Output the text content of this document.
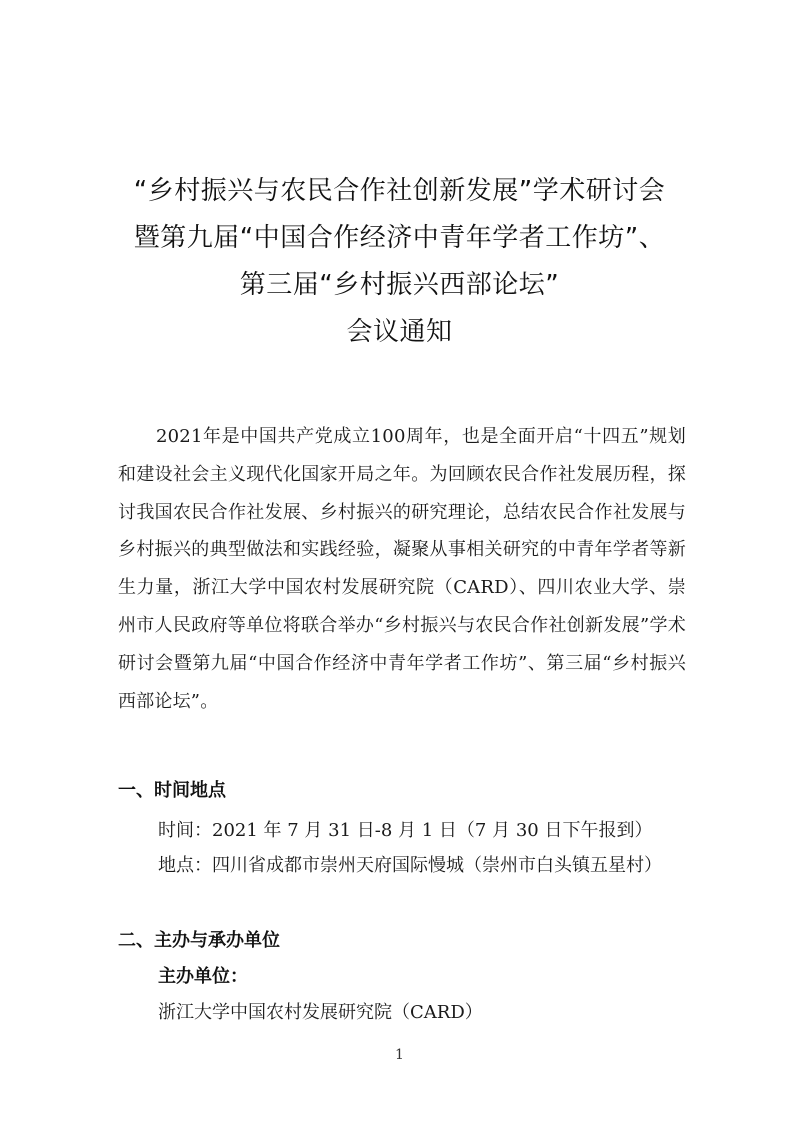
“乡村振兴与农民合作社创新发展”学术研讨会
暨第九届“中国合作经济中青年学者工作坊”、
第三届“乡村振兴西部论坛”
会议通知

2021年是中国共产党成立100周年，也是全面开启“十四五”规划和建设社会主义现代化国家开局之年。为回顾农民合作社发展历程，探讨我国农民合作社发展、乡村振兴的研究理论，总结农民合作社发展与乡村振兴的典型做法和实践经验，凝聚从事相关研究的中青年学者等新生力量，浙江大学中国农村发展研究院（CARD）、四川农业大学、崇州市人民政府等单位将联合举办“乡村振兴与农民合作社创新发展”学术研讨会暨第九届“中国合作经济中青年学者工作坊”、第三届“乡村振兴西部论坛”。

一、时间地点
时间：2021 年 7 月 31 日-8 月 1 日（7 月 30 日下午报到）
地点：四川省成都市崇州天府国际慢城（崇州市白头镇五星村）
二、主办与承办单位
主办单位：
浙江大学中国农村发展研究院（CARD）
1
